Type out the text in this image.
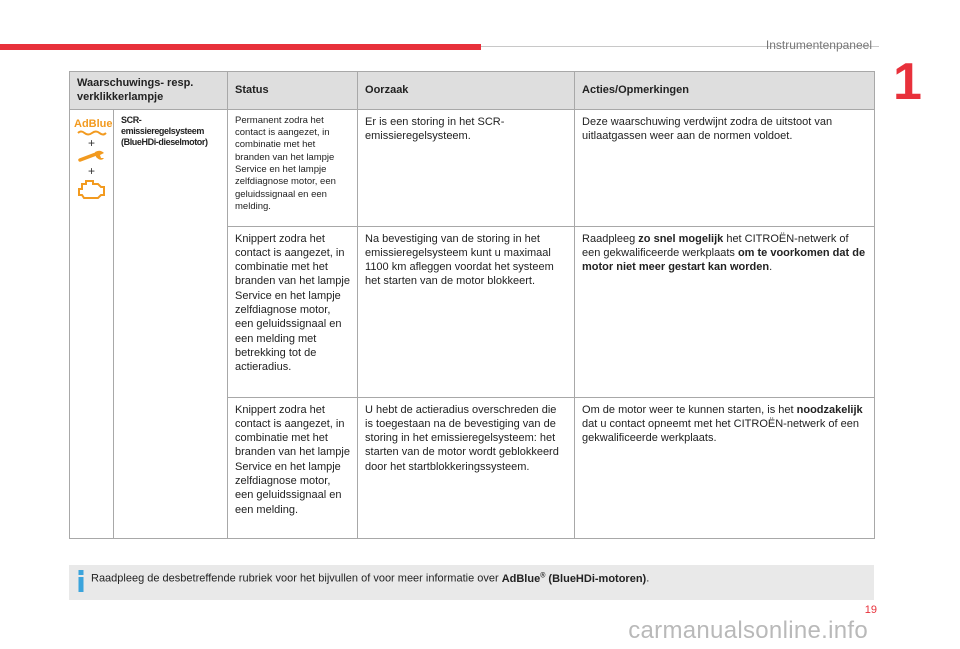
Instrumentenpaneel
1
Waarschuwings- resp. verklikkerlampje		Status	Oorzaak	Acties/Opmerkingen

AdBlue
+
+	SCR-emissieregelsysteem (BlueHDi-dieselmotor)	Permanent zodra het contact is aangezet, in combinatie met het branden van het lampje Service en het lampje zelfdiagnose motor, een geluidssignaal en een melding.	Er is een storing in het SCR-emissieregelsysteem.	Deze waarschuwing verdwijnt zodra de uitstoot van uitlaatgassen weer aan de normen voldoet.
		Knippert zodra het contact is aangezet, in combinatie met het branden van het lampje Service en het lampje zelfdiagnose motor, een geluidssignaal en een melding met betrekking tot de actieradius.	Na bevestiging van de storing in het emissieregelsysteem kunt u maximaal 1100 km afleggen voordat het systeem het starten van de motor blokkeert.	Raadpleeg zo snel mogelijk het CITROËN-netwerk of een gekwalificeerde werkplaats om te voorkomen dat de motor niet meer gestart kan worden.
		Knippert zodra het contact is aangezet, in combinatie met het branden van het lampje Service en het lampje zelfdiagnose motor, een geluidssignaal en een melding.	U hebt de actieradius overschreden die is toegestaan na de bevestiging van de storing in het emissieregelsysteem: het starten van de motor wordt geblokkeerd door het startblokkeringssysteem.	Om de motor weer te kunnen starten, is het noodzakelijk dat u contact opneemt met het CITROËN-netwerk of een gekwalificeerde werkplaats.
Raadpleeg de desbetreffende rubriek voor het bijvullen of voor meer informatie over AdBlue® (BlueHDi-motoren).
19
carmanualsonline.info
